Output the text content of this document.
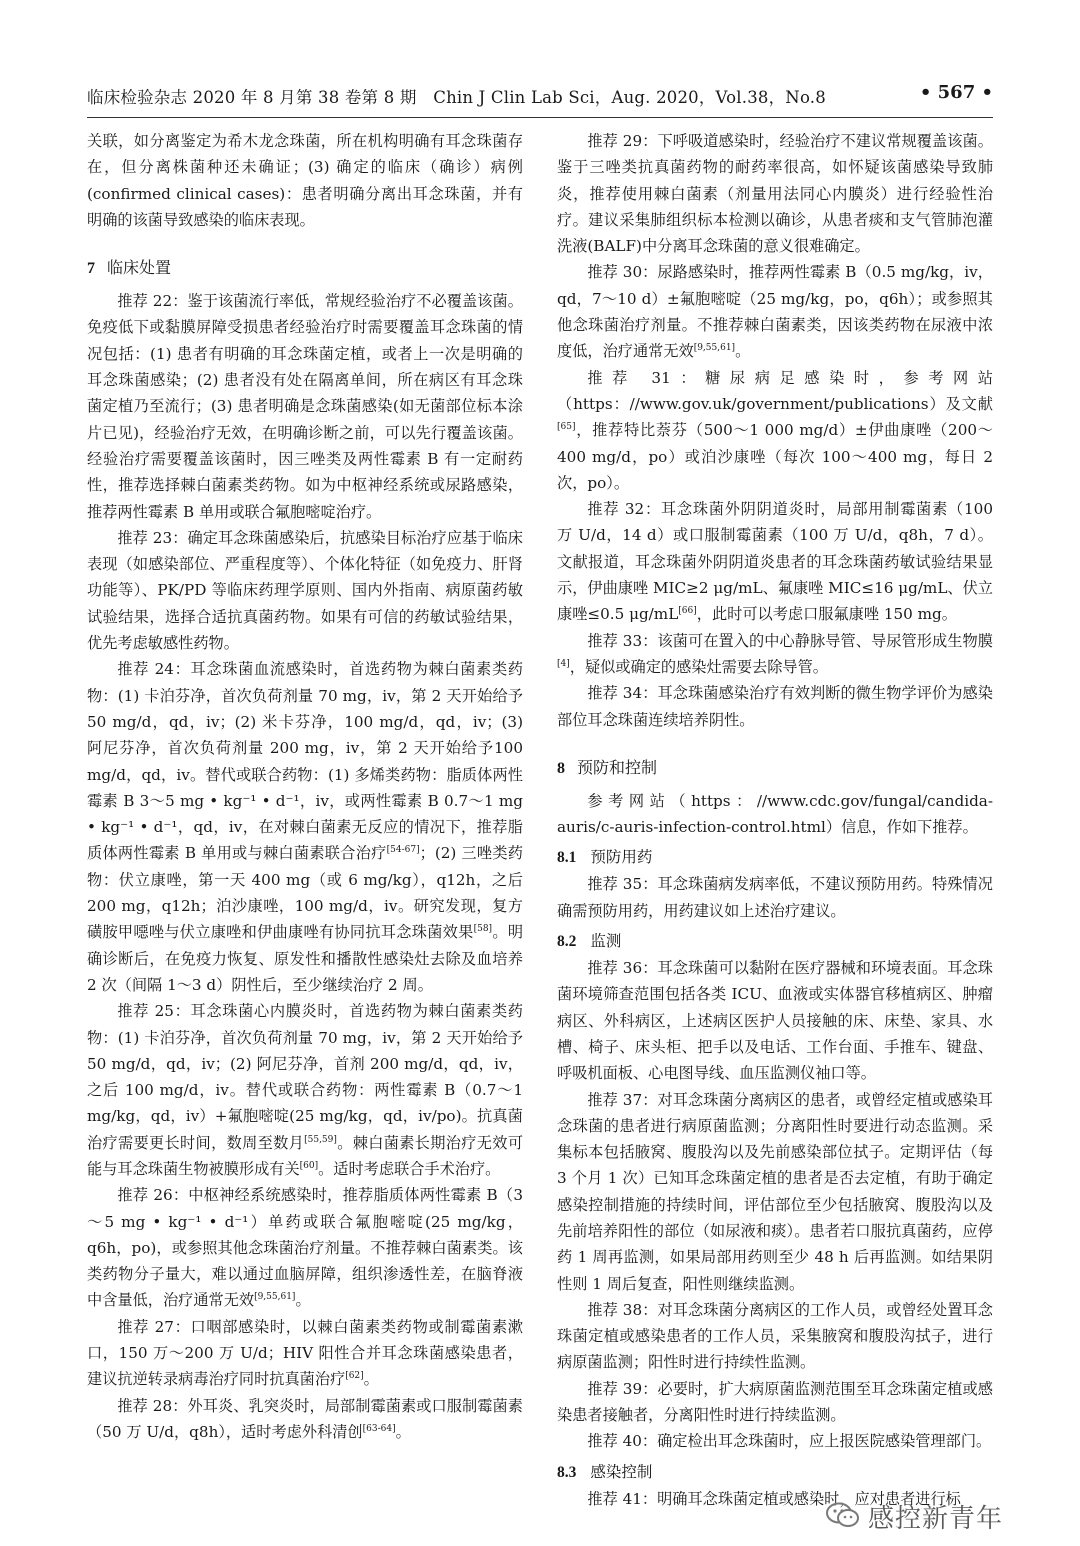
临床检验杂志 2020 年 8 月第 38 卷第 8 期　Chin J Clin Lab Sci，Aug. 2020，Vol.38，No.8	• 567 •

关联，如分离鉴定为希木龙念珠菌，所在机构明确有耳念珠菌存在，但分离株菌种还未确证；(3) 确定的临床（确诊）病例(confirmed clinical cases)：患者明确分离出耳念珠菌，并有明确的该菌导致感染的临床表现。

7 临床处置

推荐 22：鉴于该菌流行率低，常规经验治疗不必覆盖该菌。免疫低下或黏膜屏障受损患者经验治疗时需要覆盖耳念珠菌的情况包括：(1) 患者有明确的耳念珠菌定植，或者上一次是明确的耳念珠菌感染；(2) 患者没有处在隔离单间，所在病区有耳念珠菌定植乃至流行；(3) 患者明确是念珠菌感染(如无菌部位标本涂片已见)，经验治疗无效，在明确诊断之前，可以先行覆盖该菌。经验治疗需要覆盖该菌时，因三唑类及两性霉素 B 有一定耐药性，推荐选择棘白菌素类药物。如为中枢神经系统或尿路感染，推荐两性霉素 B 单用或联合氟胞嘧啶治疗。

推荐 23：确定耳念珠菌感染后，抗感染目标治疗应基于临床表现（如感染部位、严重程度等）、个体化特征（如免疫力、肝肾功能等）、PK/PD 等临床药理学原则、国内外指南、病原菌药敏试验结果，选择合适抗真菌药物。如果有可信的药敏试验结果，优先考虑敏感性药物。

推荐 24：耳念珠菌血流感染时，首选药物为棘白菌素类药物：(1) 卡泊芬净，首次负荷剂量 70 mg，iv，第 2 天开始给予 50 mg/d，qd，iv；(2) 米卡芬净，100 mg/d，qd，iv；(3) 阿尼芬净，首次负荷剂量 200 mg，iv，第 2 天开始给予100 mg/d，qd，iv。替代或联合药物：(1) 多烯类药物：脂质体两性霉素 B 3～5 mg • kg⁻¹ • d⁻¹，iv，或两性霉素 B 0.7～1 mg • kg⁻¹ • d⁻¹，qd，iv，在对棘白菌素无反应的情况下，推荐脂质体两性霉素 B 单用或与棘白菌素联合治疗[54-67]；(2) 三唑类药物：伏立康唑，第一天 400 mg（或 6 mg/kg），q12h，之后 200 mg，q12h；泊沙康唑，100 mg/d，iv。研究发现，复方磺胺甲噁唑与伏立康唑和伊曲康唑有协同抗耳念珠菌效果[58]。明确诊断后，在免疫力恢复、原发性和播散性感染灶去除及血培养 2 次（间隔 1～3 d）阴性后，至少继续治疗 2 周。

推荐 25：耳念珠菌心内膜炎时，首选药物为棘白菌素类药物：(1) 卡泊芬净，首次负荷剂量 70 mg，iv，第 2 天开始给予 50 mg/d，qd，iv；(2) 阿尼芬净，首剂 200 mg/d，qd，iv，之后 100 mg/d，iv。替代或联合药物：两性霉素 B（0.7～1 mg/kg，qd，iv）+氟胞嘧啶(25 mg/kg，qd，iv/po)。抗真菌治疗需要更长时间，数周至数月[55,59]。棘白菌素长期治疗无效可能与耳念珠菌生物被膜形成有关[60]。适时考虑联合手术治疗。

推荐 26：中枢神经系统感染时，推荐脂质体两性霉素 B（3～5 mg • kg⁻¹ • d⁻¹）单药或联合氟胞嘧啶(25 mg/kg，q6h，po)，或参照其他念珠菌治疗剂量。不推荐棘白菌素类。该类药物分子量大，难以通过血脑屏障，组织渗透性差，在脑脊液中含量低，治疗通常无效[9,55,61]。

推荐 27：口咽部感染时，以棘白菌素类药物或制霉菌素漱口，150 万～200 万 U/d；HIV 阳性合并耳念珠菌感染患者，建议抗逆转录病毒治疗同时抗真菌治疗[62]。

推荐 28：外耳炎、乳突炎时，局部制霉菌素或口服制霉菌素（50 万 U/d，q8h），适时考虑外科清创[63-64]。

推荐 29：下呼吸道感染时，经验治疗不建议常规覆盖该菌。鉴于三唑类抗真菌药物的耐药率很高，如怀疑该菌感染导致肺炎，推荐使用棘白菌素（剂量用法同心内膜炎）进行经验性治疗。建议采集肺组织标本检测以确诊，从患者痰和支气管肺泡灌洗液(BALF)中分离耳念珠菌的意义很难确定。

推荐 30：尿路感染时，推荐两性霉素 B（0.5 mg/kg，iv，qd，7～10 d）±氟胞嘧啶（25 mg/kg，po，q6h）；或参照其他念珠菌治疗剂量。不推荐棘白菌素类，因该类药物在尿液中浓度低，治疗通常无效[9,55,61]。

推荐 31：糖尿病足感染时，参考网站（https：//www.gov.uk/government/publications）及文献[65]，推荐特比萘芬（500～1 000 mg/d）±伊曲康唑（200～400 mg/d，po）或泊沙康唑（每次 100～400 mg，每日 2 次，po）。

推荐 32：耳念珠菌外阴阴道炎时，局部用制霉菌素（100 万 U/d，14 d）或口服制霉菌素（100 万 U/d，q8h，7 d）。文献报道，耳念珠菌外阴阴道炎患者的耳念珠菌药敏试验结果显示，伊曲康唑 MIC≥2 μg/mL、氟康唑 MIC≤16 μg/mL、伏立康唑≤0.5 μg/mL[66]，此时可以考虑口服氟康唑 150 mg。

推荐 33：该菌可在置入的中心静脉导管、导尿管形成生物膜[4]，疑似或确定的感染灶需要去除导管。

推荐 34：耳念珠菌感染治疗有效判断的微生物学评价为感染部位耳念珠菌连续培养阴性。

8 预防和控制

参考网站（https：//www.cdc.gov/fungal/candida-auris/c-auris-infection-control.html）信息，作如下推荐。

8.1 预防用药

推荐 35：耳念珠菌病发病率低，不建议预防用药。特殊情况确需预防用药，用药建议如上述治疗建议。

8.2 监测

推荐 36：耳念珠菌可以黏附在医疗器械和环境表面。耳念珠菌环境筛查范围包括各类 ICU、血液或实体器官移植病区、肿瘤病区、外科病区，上述病区医护人员接触的床、床垫、家具、水槽、椅子、床头柜、把手以及电话、工作台面、手推车、键盘、呼吸机面板、心电图导线、血压监测仪袖口等。

推荐 37：对耳念珠菌分离病区的患者，或曾经定植或感染耳念珠菌的患者进行病原菌监测；分离阳性时要进行动态监测。采集标本包括腋窝、腹股沟以及先前感染部位拭子。定期评估（每 3 个月 1 次）已知耳念珠菌定植的患者是否去定植，有助于确定感染控制措施的持续时间，评估部位至少包括腋窝、腹股沟以及先前培养阳性的部位（如尿液和痰）。患者若口服抗真菌药，应停药 1 周再监测，如果局部用药则至少 48 h 后再监测。如结果阴性则 1 周后复查，阳性则继续监测。

推荐 38：对耳念珠菌分离病区的工作人员，或曾经处置耳念珠菌定植或感染患者的工作人员，采集腋窝和腹股沟拭子，进行病原菌监测；阳性时进行持续性监测。

推荐 39：必要时，扩大病原菌监测范围至耳念珠菌定植或感染患者接触者，分离阳性时进行持续监测。

推荐 40：确定检出耳念珠菌时，应上报医院感染管理部门。

8.3 感染控制

推荐 41：明确耳念珠菌定植或感染时，应对患者进行标

感控新青年
